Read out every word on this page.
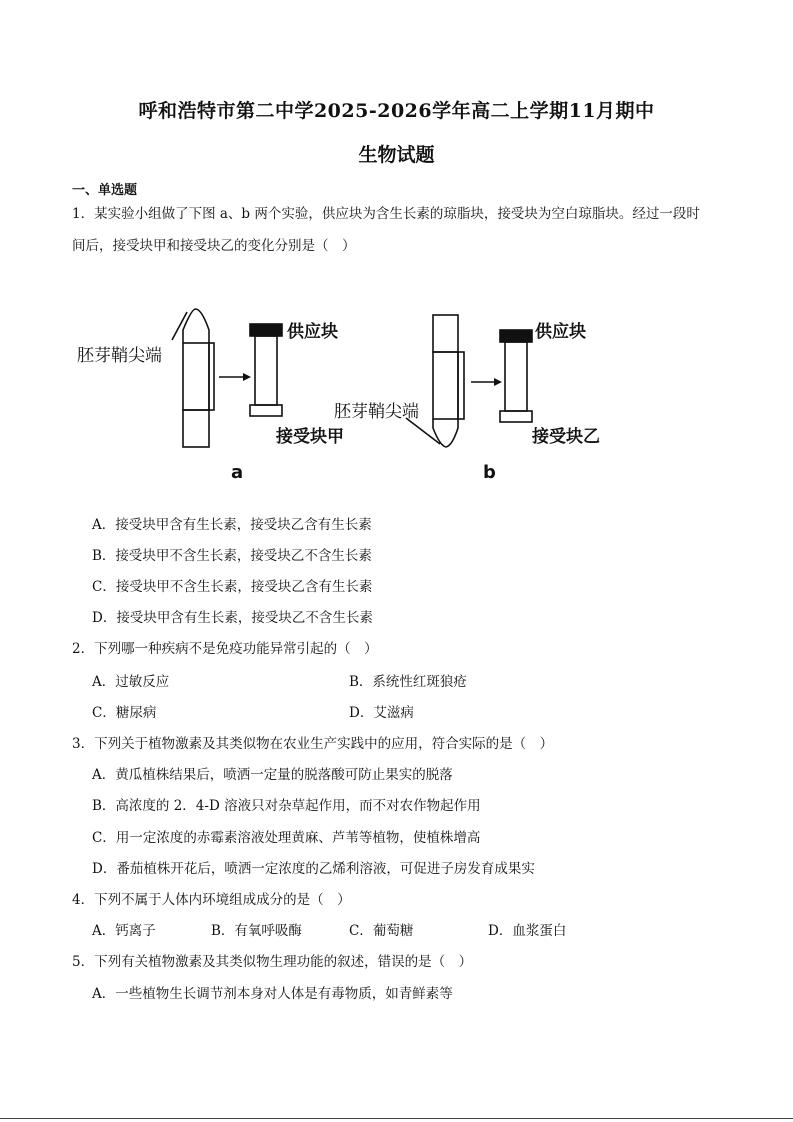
呼和浩特市第二中学2025-2026学年高二上学期11月期中
生物试题
一、单选题
1．某实验小组做了下图 a、b 两个实验，供应块为含生长素的琼脂块，接受块为空白琼脂块。经过一段时
间后，接受块甲和接受块乙的变化分别是（　）
胚芽鞘尖端
供应块
接受块甲
a
胚芽鞘尖端
供应块
接受块乙
b
A．接受块甲含有生长素，接受块乙含有生长素
B．接受块甲不含生长素，接受块乙不含生长素
C．接受块甲不含生长素，接受块乙含有生长素
D．接受块甲含有生长素，接受块乙不含生长素
2．下列哪一种疾病不是免疫功能异常引起的（　）
A．过敏反应	B．系统性红斑狼疮
C．糖尿病	D．艾滋病
3．下列关于植物激素及其类似物在农业生产实践中的应用，符合实际的是（　）
A．黄瓜植株结果后，喷洒一定量的脱落酸可防止果实的脱落
B．高浓度的 2．4-D 溶液只对杂草起作用，而不对农作物起作用
C．用一定浓度的赤霉素溶液处理黄麻、芦苇等植物，使植株增高
D．番茄植株开花后，喷洒一定浓度的乙烯利溶液，可促进子房发育成果实
4．下列不属于人体内环境组成成分的是（　）
A．钙离子	B．有氧呼吸酶	C．葡萄糖	D．血浆蛋白
5．下列有关植物激素及其类似物生理功能的叙述，错误的是（　）
A．一些植物生长调节剂本身对人体是有毒物质，如青鲜素等
